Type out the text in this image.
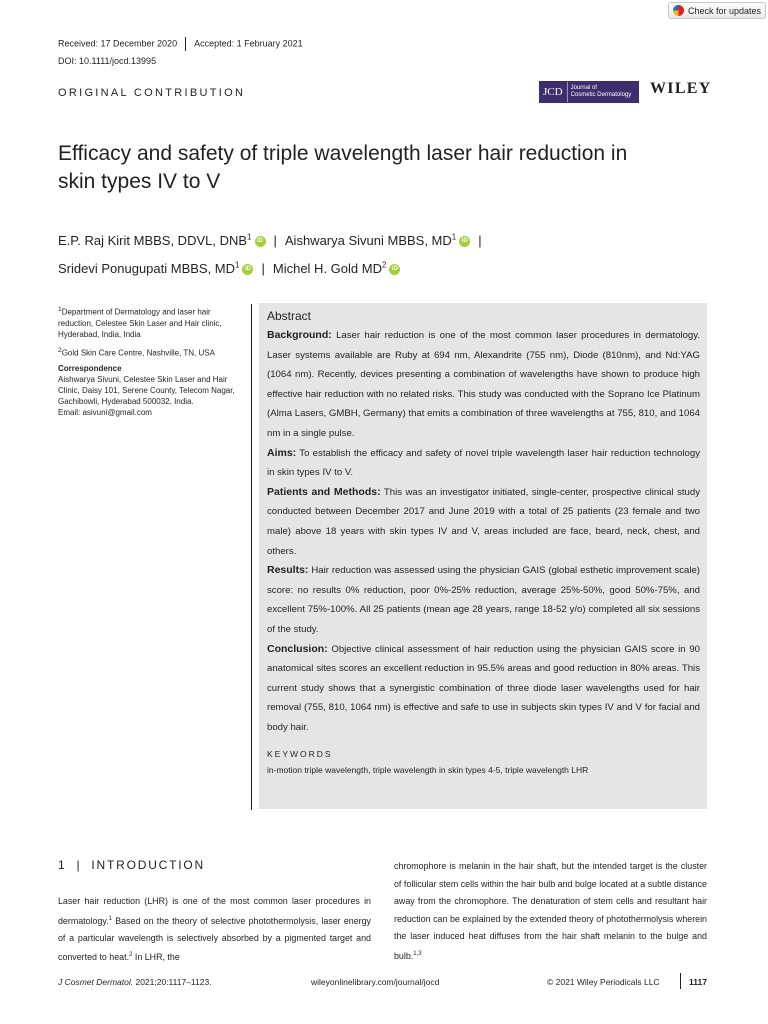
Check for updates
Received: 17 December 2020 Accepted: 1 February 2021
DOI: 10.1111/jocd.13995
ORIGINAL CONTRIBUTION	JCD	Journal of
Cosmetic Dermatology WILEY
Efficacy and safety of triple wavelength laser hair reduction in
skin types IV to V
E.P. Raj Kirit MBBS, DDVL, DNB$^1$ iD | Aishwarya Sivuni MBBS, $MD^1$ iD |
Sridevi Ponugupati MBBS, $MD^1$ iD | Michel H. Gold $MD^2$ iD

$^1$Department of Dermatology and laser hair reduction, Celestee Skin Laser and Hair clinic, Hyderabad, India, India

$^2$Gold Skin Care Centre, Nashville, TN, USA

Correspondence

Aishwarya Sivuni, Celestee Skin Laser and Hair Clinic, Daisy 101, Serene County, Telecom Nagar, Gachibowli, Hyderabad 500032, India.

Email: asivuni@gmail.com

Abstract

Background: Laser hair reduction is one of the most common laser procedures in dermatology. Laser systems available are Ruby at 694 nm, Alexandrite (755 nm), Diode (810nm), and Nd:YAG (1064 nm). Recently, devices presenting a combination of wavelengths have shown to produce high effective hair reduction with no related risks. This study was conducted with the Soprano Ice Platinum (Alma Lasers, GMBH, Germany) that emits a combination of three wavelengths at 755, 810, and 1064 nm in a single pulse.

Aims: To establish the efficacy and safety of novel triple wavelength laser hair reduction technology in skin types IV to V.

Patients and Methods: This was an investigator initiated, single-center, prospective clinical study conducted between December 2017 and June 2019 with a total of 25 patients (23 female and two male) above 18 years with skin types IV and V, areas included are face, beard, neck, chest, and others.

Results: Hair reduction was assessed using the physician GAIS (global esthetic improvement scale) score: no results 0% reduction, poor 0%-25% reduction, average 25%-50%, good 50%-75%, and excellent 75%-100%. All 25 patients (mean age 28 years, range 18-52 y/o) completed all six sessions of the study.

Conclusion: Objective clinical assessment of hair reduction using the physician GAIS score in 90 anatomical sites scores an excellent reduction in 95.5% areas and good reduction in 80% areas. This current study shows that a synergistic combination of three diode laser wavelengths used for hair removal (755, 810, 1064 nm) is effective and safe to use in subjects skin types IV and V for facial and body hair.

KEYWORDS
in-motion triple wavelength, triple wavelength in skin types 4-5, triple wavelength LHR
1 | INTRODUCTION
Laser hair reduction (LHR) is one of the most common laser procedures in dermatology.$^1$ Based on the theory of selective photothermolysis, laser energy of a particular wavelength is selectively absorbed by a pigmented target and converted to heat.$^2$ In LHR, the
chromophore is melanin in the hair shaft, but the intended target is the cluster of follicular stem cells within the hair bulb and bulge located at a subtle distance away from the chromophore. The denaturation of stem cells and resultant hair reduction can be explained by the extended theory of photothermolysis wherein the laser induced heat diffuses from the hair shaft melanin to the bulge and bulb.$^{1,3}$
J Cosmet Dermatol. 2021;20:1117–1123.	wileyonlinelibrary.com/journal/jocd	© 2021 Wiley Periodicals LLC	1117
